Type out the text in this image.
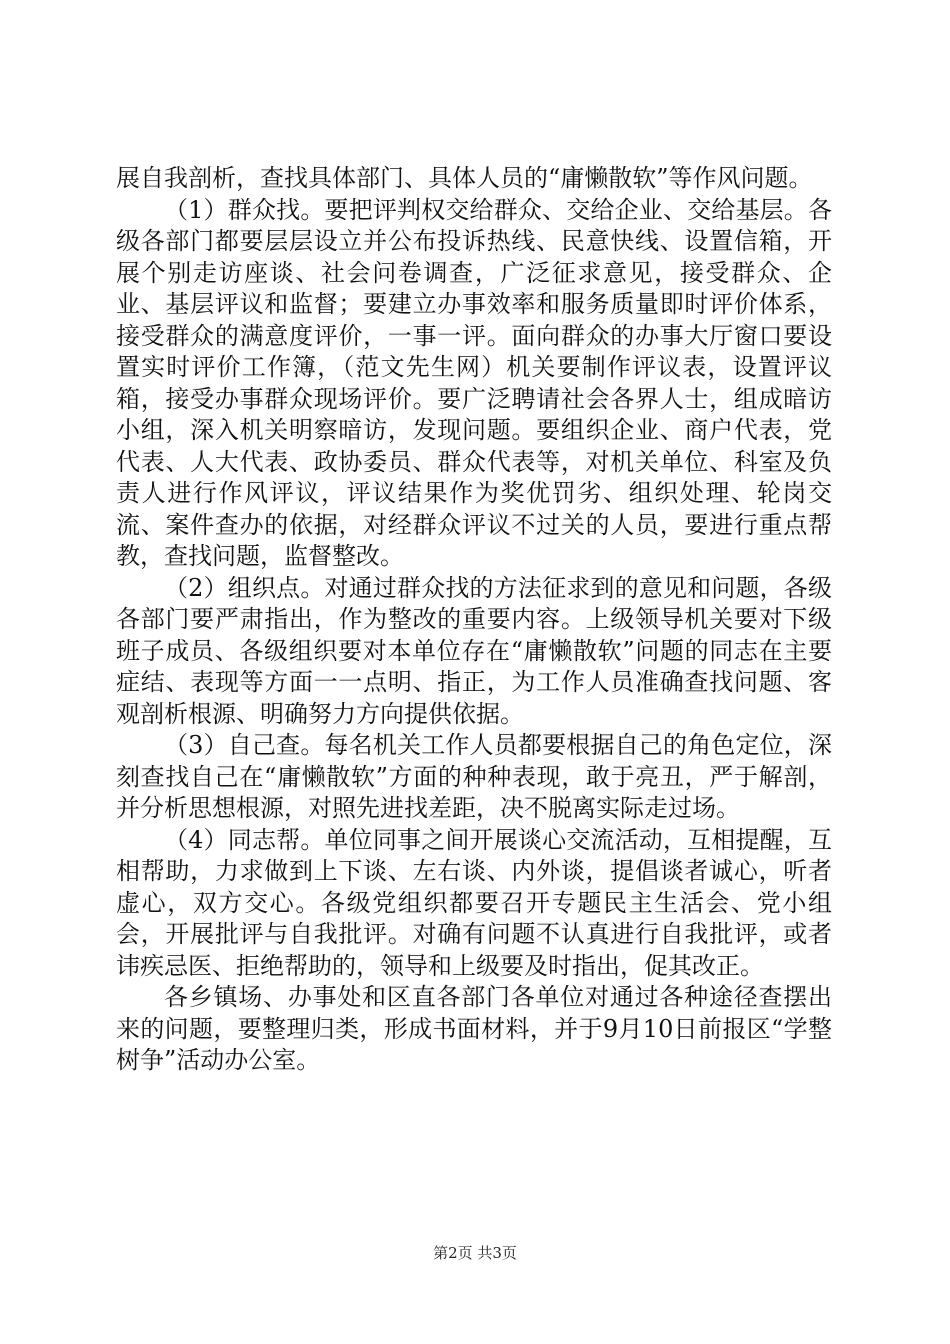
展自我剖析，查找具体部门、具体人员的“庸懒散软”等作风问题。

（1）群众找。要把评判权交给群众、交给企业、交给基层。各级各部门都要层层设立并公布投诉热线、民意快线、设置信箱，开展个别走访座谈、社会问卷调查，广泛征求意见，接受群众、企业、基层评议和监督；要建立办事效率和服务质量即时评价体系，接受群众的满意度评价，一事一评。面向群众的办事大厅窗口要设置实时评价工作簿，（范文先生网）机关要制作评议表，设置评议箱，接受办事群众现场评价。要广泛聘请社会各界人士，组成暗访小组，深入机关明察暗访，发现问题。要组织企业、商户代表，党代表、人大代表、政协委员、群众代表等，对机关单位、科室及负责人进行作风评议，评议结果作为奖优罚劣、组织处理、轮岗交流、案件查办的依据，对经群众评议不过关的人员，要进行重点帮教，查找问题，监督整改。

（2）组织点。对通过群众找的方法征求到的意见和问题，各级各部门要严肃指出，作为整改的重要内容。上级领导机关要对下级班子成员、各级组织要对本单位存在“庸懒散软”问题的同志在主要症结、表现等方面一一点明、指正，为工作人员准确查找问题、客观剖析根源、明确努力方向提供依据。

（3）自己查。每名机关工作人员都要根据自己的角色定位，深刻查找自己在“庸懒散软”方面的种种表现，敢于亮丑，严于解剖，并分析思想根源，对照先进找差距，决不脱离实际走过场。

（4）同志帮。单位同事之间开展谈心交流活动，互相提醒，互相帮助，力求做到上下谈、左右谈、内外谈，提倡谈者诚心，听者虚心，双方交心。各级党组织都要召开专题民主生活会、党小组会，开展批评与自我批评。对确有问题不认真进行自我批评，或者讳疾忌医、拒绝帮助的，领导和上级要及时指出，促其改正。

各乡镇场、办事处和区直各部门各单位对通过各种途径查摆出来的问题，要整理归类，形成书面材料，并于9月10日前报区“学整树争”活动办公室。

第2页 共3页
